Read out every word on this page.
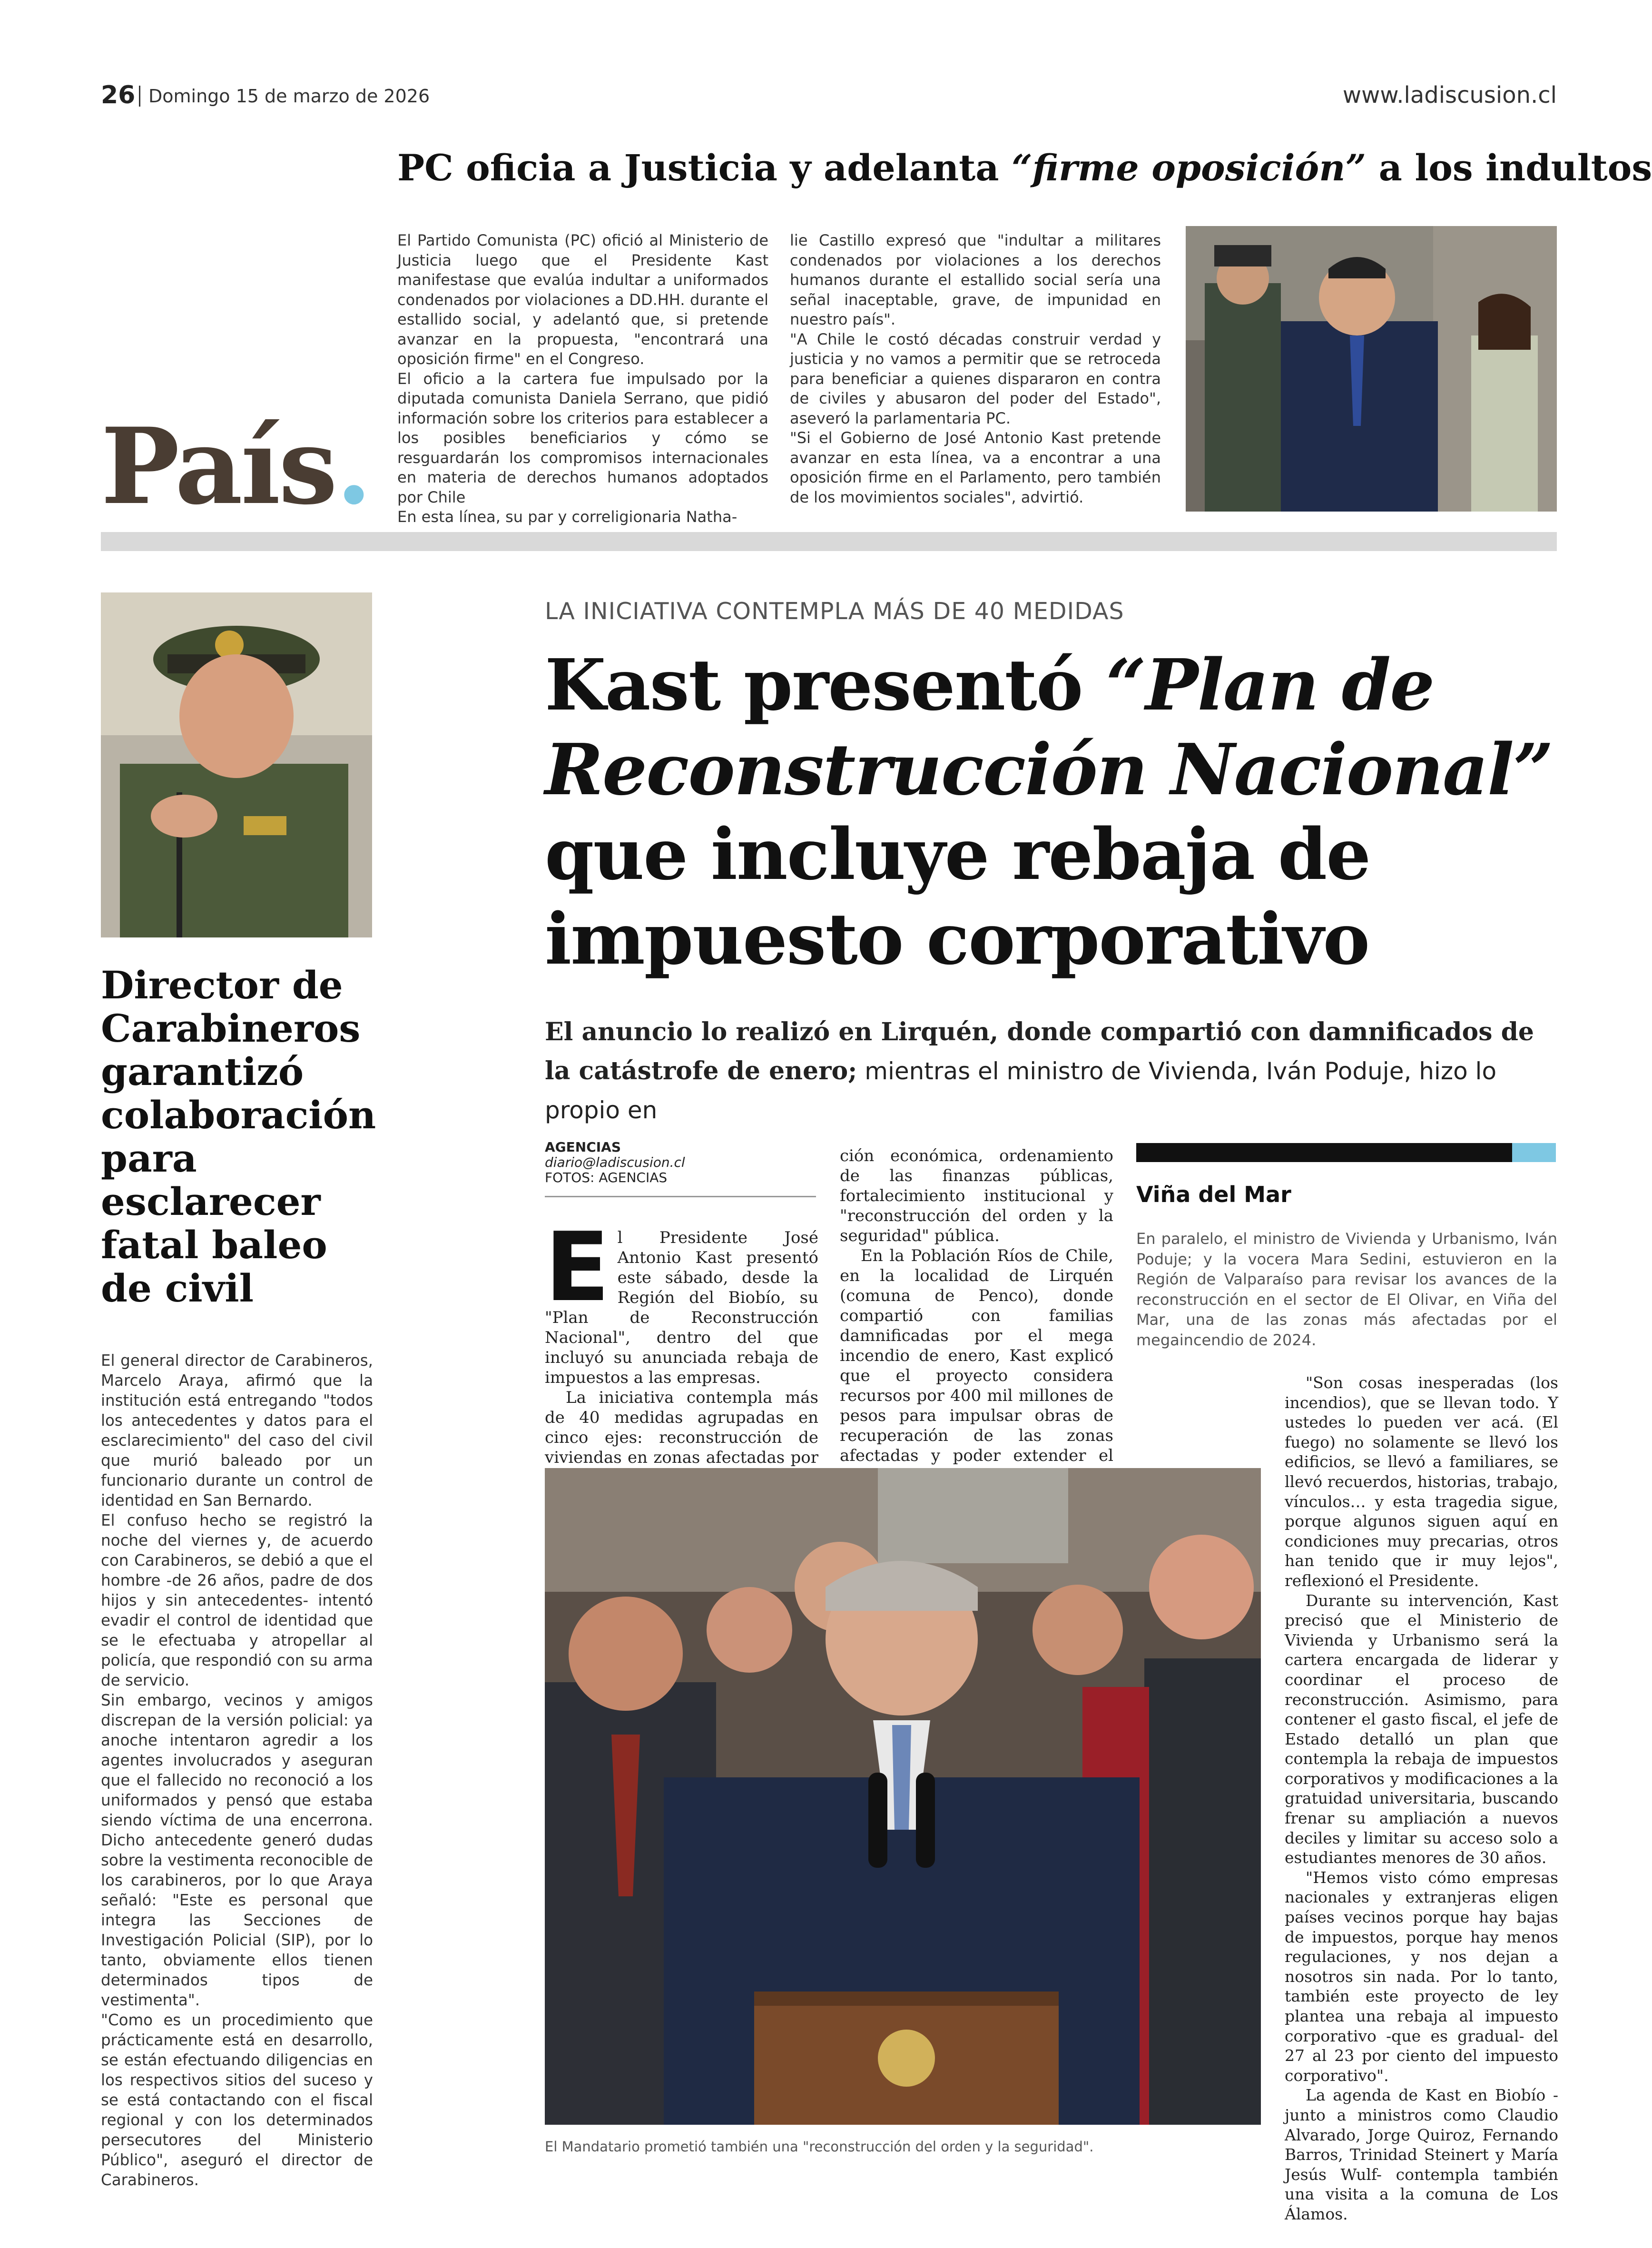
26 Domingo 15 de marzo de 2026	www.ladiscusion.cl
País.
PC oficia a Justicia y adelanta “firme oposición” a los indultos

El Partido Comunista (PC) ofició al Ministerio de Justicia luego que el Presidente Kast manifestase que evalúa indultar a uniformados condenados por violaciones a DD.HH. durante el estallido social, y adelantó que, si pretende avanzar en la propuesta, "encontrará una oposición firme" en el Congreso.

El oficio a la cartera fue impulsado por la diputada comunista Daniela Serrano, que pidió información sobre los criterios para establecer a los posibles beneficiarios y cómo se resguardarán los compromisos internacionales en materia de derechos humanos adoptados por Chile

En esta línea, su par y correligionaria Natha-

lie Castillo expresó que "indultar a militares condenados por violaciones a los derechos humanos durante el estallido social sería una señal inaceptable, grave, de impunidad en nuestro país".

"A Chile le costó décadas construir verdad y justicia y no vamos a permitir que se retroceda para beneficiar a quienes dispararon en contra de civiles y abusaron del poder del Estado", aseveró la parlamentaria PC.

"Si el Gobierno de José Antonio Kast pretende avanzar en esta línea, va a encontrar a una oposición firme en el Parlamento, pero también de los movimientos sociales", advirtió.

Director de Carabineros garantizó colaboración para esclarecer fatal baleo de civil

El general director de Carabineros, Marcelo Araya, afirmó que la institución está entregando "todos los antecedentes y datos para el esclarecimiento" del caso del civil que murió baleado por un funcionario durante un control de identidad en San Bernardo.

El confuso hecho se registró la noche del viernes y, de acuerdo con Carabineros, se debió a que el hombre -de 26 años, padre de dos hijos y sin antecedentes- intentó evadir el control de identidad que se le efectuaba y atropellar al policía, que respondió con su arma de servicio.

Sin embargo, vecinos y amigos discrepan de la versión policial: ya anoche intentaron agredir a los agentes involucrados y aseguran que el fallecido no reconoció a los uniformados y pensó que estaba siendo víctima de una encerrona. Dicho antecedente generó dudas sobre la vestimenta reconocible de los carabineros, por lo que Araya señaló: "Este es personal que integra las Secciones de Investigación Policial (SIP), por lo tanto, obviamente ellos tienen determinados tipos de vestimenta".

"Como es un procedimiento que prácticamente está en desarrollo, se están efectuando diligencias en los respectivos sitios del suceso y se está contactando con el fiscal regional y con los determinados persecutores del Ministerio Público", aseguró el director de Carabineros.

LA INICIATIVA CONTEMPLA MÁS DE 40 MEDIDAS
Kast presentó “Plan de Reconstrucción Nacional” que incluye rebaja de impuesto corporativo
El anuncio lo realizó en Lirquén, donde compartió con damnificados de la catástrofe de enero; mientras el ministro de Vivienda, Iván Poduje, hizo lo propio en
AGENCIAS
diario@ladiscusion.cl
FOTOS: AGENCIAS

El Presidente José Antonio Kast presentó este sábado, desde la Región del Biobío, su "Plan de Reconstrucción Nacional", dentro del que incluyó su anunciada rebaja de impuestos a las empresas.

La iniciativa contempla más de 40 medidas agrupadas en cinco ejes: reconstrucción de viviendas en zonas afectadas por

ción económica, ordenamiento de las finanzas públicas, fortalecimiento institucional y "reconstrucción del orden y la seguridad" pública.

En la Población Ríos de Chile, en la localidad de Lirquén (comuna de Penco), donde compartió con familias damnificadas por el mega incendio de enero, Kast explicó que el proyecto considera recursos por 400 mil millones de pesos para impulsar obras de recuperación de las zonas afectadas y poder extender el

Viña del Mar
En paralelo, el ministro de Vivienda y Urbanismo, Iván Poduje; y la vocera Mara Sedini, estuvieron en la Región de Valparaíso para revisar los avances de la reconstrucción en el sector de El Olivar, en Viña del Mar, una de las zonas más afectadas por el megaincendio de 2024.

"Son cosas inesperadas (los incendios), que se llevan todo. Y ustedes lo pueden ver acá. (El fuego) no solamente se llevó los edificios, se llevó a familiares, se llevó recuerdos, historias, trabajo, vínculos… y esta tragedia sigue, porque algunos siguen aquí en condiciones muy precarias, otros han tenido que ir muy lejos", reflexionó el Presidente.

Durante su intervención, Kast precisó que el Ministerio de Vivienda y Urbanismo será la cartera encargada de liderar y coordinar el proceso de reconstrucción. Asimismo, para contener el gasto fiscal, el jefe de Estado detalló un plan que contempla la rebaja de impuestos corporativos y modificaciones a la gratuidad universitaria, buscando frenar su ampliación a nuevos deciles y limitar su acceso solo a estudiantes menores de 30 años.

"Hemos visto cómo empresas nacionales y extranjeras eligen países vecinos porque hay bajas de impuestos, porque hay menos regulaciones, y nos dejan a nosotros sin nada. Por lo tanto, también este proyecto de ley plantea una rebaja al impuesto corporativo -que es gradual- del 27 al 23 por ciento del impuesto corporativo".

La agenda de Kast en Biobío -junto a ministros como Claudio Alvarado, Jorge Quiroz, Fernando Barros, Trinidad Steinert y María Jesús Wulf- contempla también una visita a la comuna de Los Álamos.

El Mandatario prometió también una "reconstrucción del orden y la seguridad".
